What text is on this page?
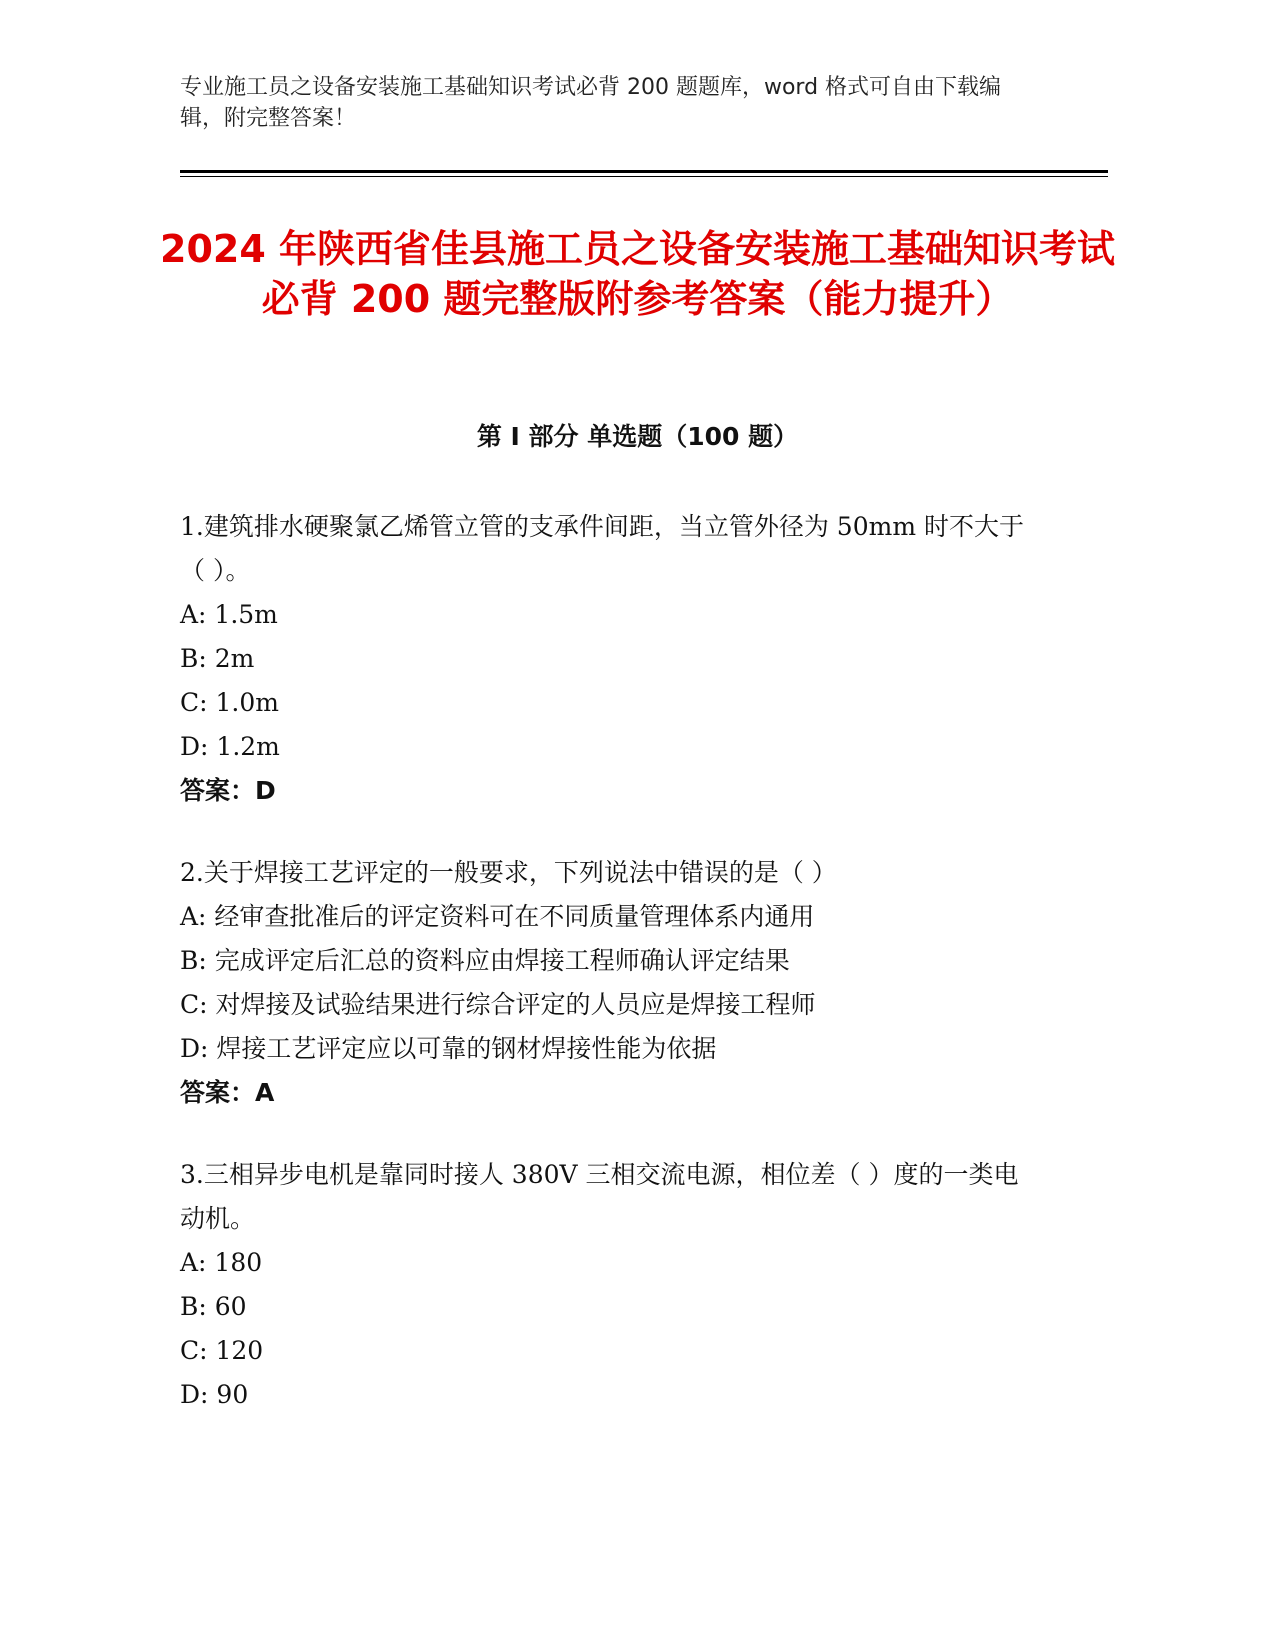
专业施工员之设备安装施工基础知识考试必背 200 题题库，word 格式可自由下载编辑，附完整答案！
2024 年陕西省佳县施工员之设备安装施工基础知识考试必背 200 题完整版附参考答案（能力提升）
第 I 部分 单选题（100 题）
1.建筑排水硬聚氯乙烯管立管的支承件间距，当立管外径为 50mm 时不大于（ ）。
A: 1.5m
B: 2m
C: 1.0m
D: 1.2m
答案：D
2.关于焊接工艺评定的一般要求，下列说法中错误的是（ ）
A: 经审查批准后的评定资料可在不同质量管理体系内通用
B: 完成评定后汇总的资料应由焊接工程师确认评定结果
C: 对焊接及试验结果进行综合评定的人员应是焊接工程师
D: 焊接工艺评定应以可靠的钢材焊接性能为依据
答案：A
3.三相异步电机是靠同时接人 380V 三相交流电源，相位差（ ）度的一类电动机。
A: 180
B: 60
C: 120
D: 90
